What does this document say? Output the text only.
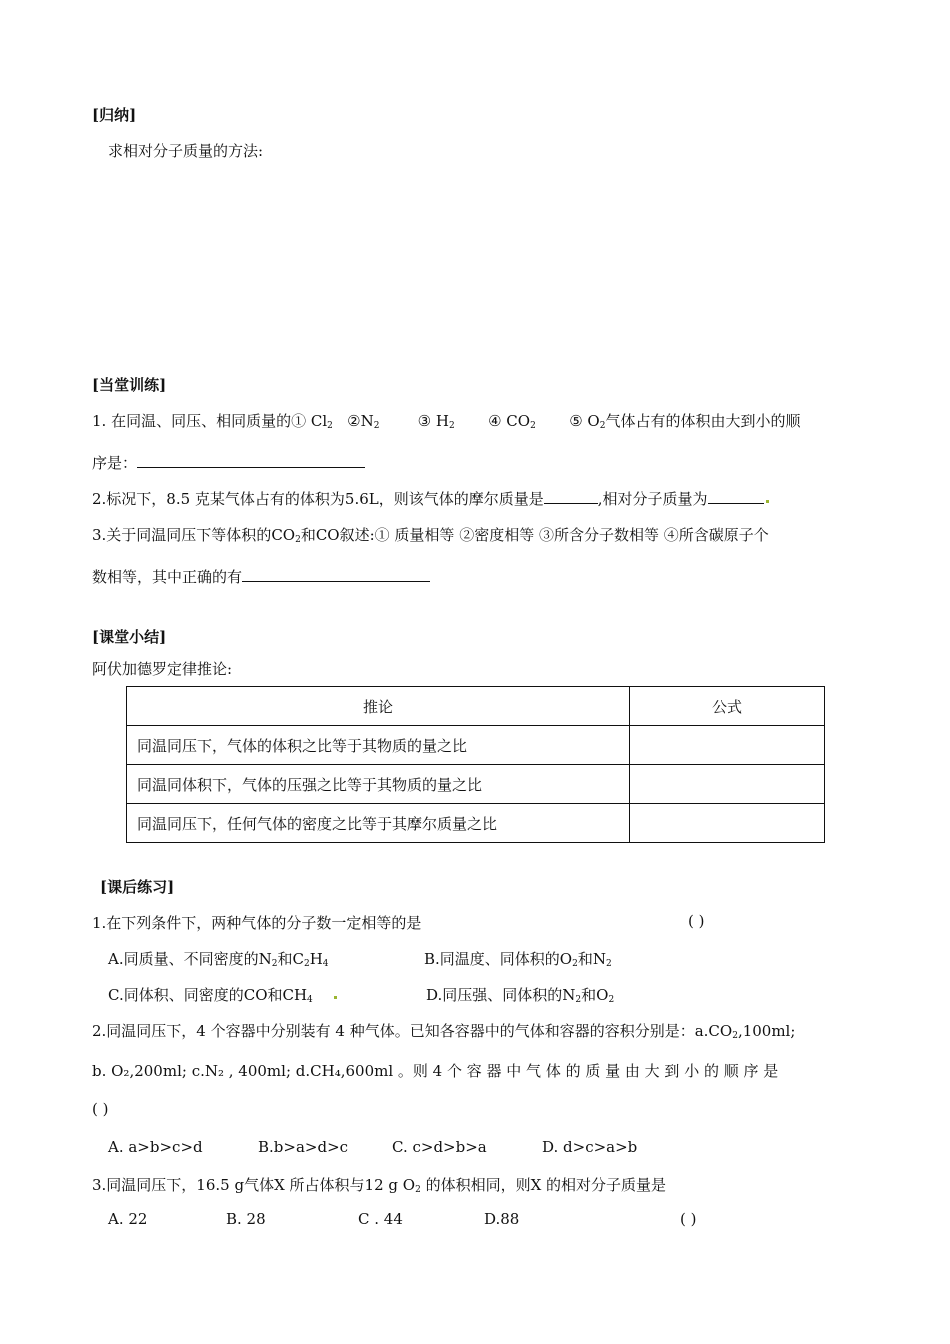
[归纳]
求相对分子质量的方法:
[当堂训练]
1. 在同温、同压、相同质量的① $Cl_2$ $②N_2$	③ $H_2$ ④ $CO_2$ ⑤ $O_2$气体占有的体积由大到小的顺
序是：
2.标况下，8.5 克某气体占有的体积为5.6L，则该气体的摩尔质量是	,相对分子质量为
3.关于同温同压下等体积的$CO_2$和CO叙述:① 质量相等 ②密度相等 ③所含分子数相等 ④所含碳原子个
数相等，其中正确的有
[课堂小结]
阿伏加德罗定律推论:
推论	公式
同温同压下，气体的体积之比等于其物质的量之比	
同温同体积下，气体的压强之比等于其物质的量之比	
同温同压下，任何气体的密度之比等于其摩尔质量之比	
[课后练习]
1.在下列条件下，两种气体的分子数一定相等的是	( )
A.同质量、不同密度的$N_2$和$C_2H_4$	B.同温度、同体积的$O_2$和$N_2$
C.同体积、同密度的CO和$CH_4$	D.同压强、同体积的$N_2$和$O_2$
2.同温同压下，4 个容器中分别装有 4 种气体。已知各容器中的气体和容器的容积分别是：$a.CO_2,100ml$;
b. O₂,200ml; c.N₂ , 400ml; d.CH₄,600ml 。则 4 个 容 器 中 气 体 的 质 量 由 大 到 小 的 顺 序 是
( )
A. a>b>c>d	B.b>a>d>c	C. c>d>b>a	D. d>c>a>b
3.同温同压下，16.5 g气体X 所占体积与12 g $O_2$ 的体积相同，则X 的相对分子质量是
A. 22	B. 28	C . 44	D.88	( )
